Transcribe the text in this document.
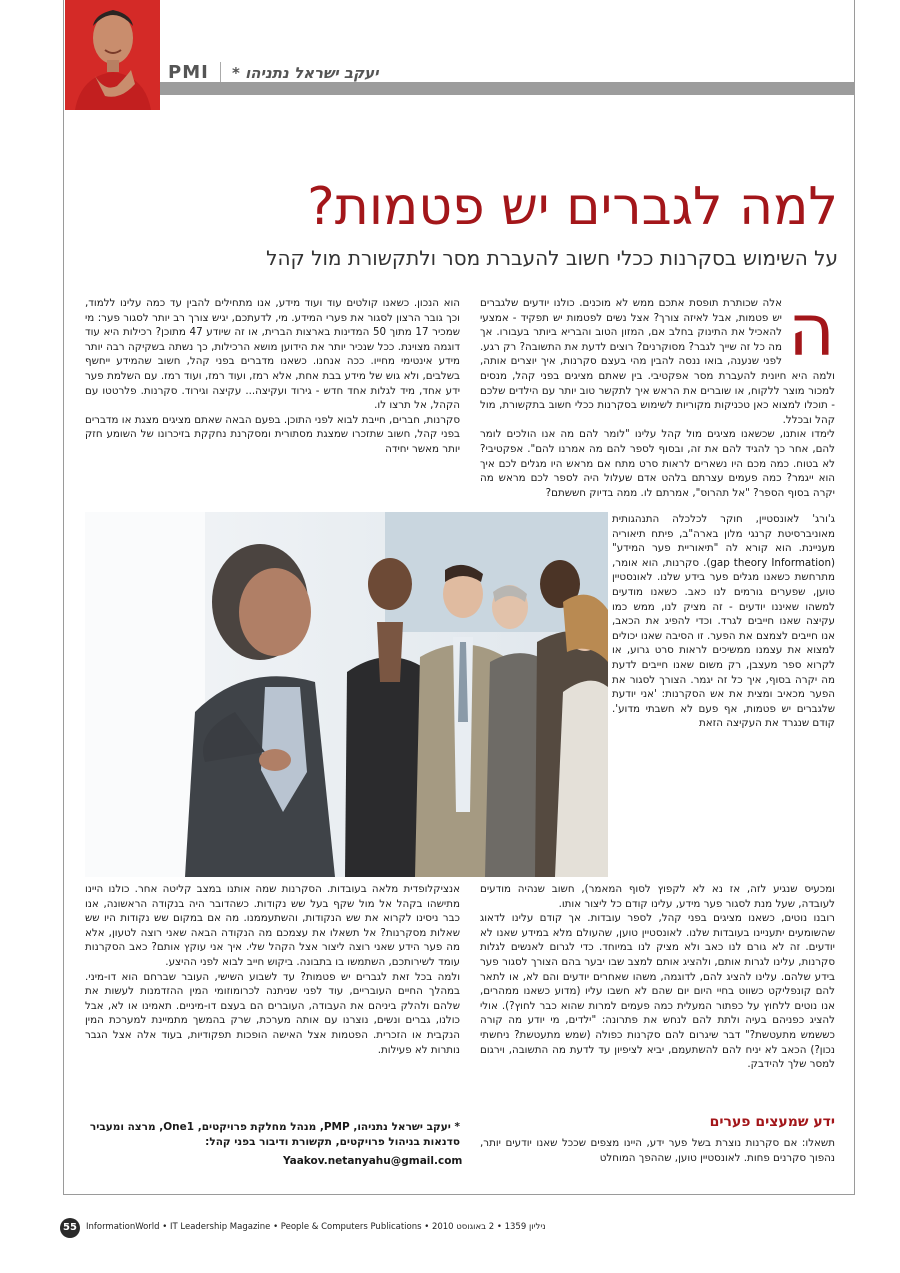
PMI	יעקב ישראל נתניהו *
למה לגברים יש פטמות?
על השימוש בסקרנות ככלי חשוב להעברת מסר ולתקשורת מול קהל
ה

אלה שכותרת תופסת אתכם ממש לא מוכנים. כולנו יודעים שלגברים יש פטמות, אבל לאיזה צורך? אצל נשים לפטמות יש תפקיד - אמצעי להאכיל את התינוק בחלב אם, המזון הטוב והבריא ביותר בעבורו. אך מה כל זה שייך לגבר? מסוקרנים? רוצים לדעת את התשובה? רק רגע. לפני שנענה, בואו ננסה להבין מהי בעצם סקרנות, איך יוצרים אותה, ולמה היא חיונית להעברת מסר אפקטיבי. בין שאתם מציגים בפני קהל, מנסים למכור מוצר ללקוח, או שוברים את הראש איך לתקשר טוב יותר עם הילדים שלכם - תוכלו למצוא כאן טכניקות מקוריות לשימוש בסקרנות ככלי חשוב בתקשורת, מול קהל ובכלל.

לימדו אותנו, שכשאנו מציגים מול קהל עלינו "לומר להם מה אנו הולכים לומר להם, אחר כך להגיד להם את זה, ובסוף לספר להם מה אמרנו להם". אפקטיבי? לא בטוח. כמה מכם היו נשארים לראות סרט מתח אם מראש היו מגלים לכם איך הוא ייגמר? כמה פעמים עצרתם בלהט אדם שעלול היה לספר לכם מראש מה יקרה בסוף הספר? "אל תהרוס", אמרתם לו. ממה בדיוק חששתם?

הוא הנכון. כשאנו קולטים עוד ועוד מידע, אנו מתחילים להבין עד כמה עלינו ללמוד, וכך גובר הרצון לסגור את פערי המידע. מי, לדעתכם, יגיש צורך רב יותר לסגור פער: מי שמכיר 17 מתוך 50 המדינות בארצות הברית, או זה שיודע 47 מתוכן? רכילות היא עוד דוגמה מצוינת. ככל שנכיר יותר את הידוען מושא הרכילות, כך נשתה בשקיקה רבה יותר מידע אינטימי מחייו. ככה אנחנו. כשאנו מדברים בפני קהל, חשוב שהמידע ייחשף בשלבים, ולא גוש של מידע בבת אחת, אלא רמז, ועוד רמז, ועוד רמז. עם השלמת פער ידע אחד, מיד לגלות אחד חדש - גירוד ועקיצה... עקיצה וגירוד. סקרנות. פלרטטו עם הקהל, אל תרצו לו.

סקרנות, חברים, חייבת לבוא לפני התוכן. בפעם הבאה שאתם מציגים מצגת או מדברים בפני קהל, חשוב שתזכרו שמצגת מסתורית ומסקרנת נחקקת בזיכרונו של השומע חזק יותר מאשר יחידה

ג'ורג' לאונסטיין, חוקר לכלכלה התנהגותית מאוניברסיטת קרנגי מלון בארה"ב, פיתח תיאוריה מעניינת. הוא קורא לה "תיאוריית פער המידע" (gap theory Information). סקרנות, הוא אומר, מתרחשת כשאנו מגלים פער בידע שלנו. לאונסטיין טוען, שפערים גורמים לנו כאב. כשאנו מודעים למשהו שאיננו יודעים - זה מציק לנו, ממש כמו עקיצה שאנו חייבים לגרד. וכדי להפיג את הכאב, אנו חייבים לצמצם את הפער. זו הסיבה שאנו יכולים למצוא את עצמנו ממשיכים לראות סרט גרוע, או לקרוא ספר מעצבן, רק משום שאנו חייבים לדעת מה יקרה בסוף, איך כל זה יגמר. הצורך לסגור את הפער מכאיב ומצית את אש הסקרנות: 'אני יודעת שלגברים יש פטמות, אף פעם לא חשבתי מדוע'. קודם שנגרד את העקיצה הזאת

ומכעיס שנגיע לזה, אז נא לא לקפוץ לסוף המאמר), חשוב שנהיה מודעים לעובדה, שעל מנת לסגור פער מידע, עלינו קודם כל ליצור אותו.

רובנו נוטים, כשאנו מציגים בפני קהל, לספר עובדות. אך קודם עלינו לדאוג שהשומעים יתעניינו בעובדות שלנו. לאונסטיין טוען, שהעולם מלא במידע שאנו לא יודעים. זה לא גורם לנו כאב ולא מציק לנו במיוחד. כדי לגרום לאנשים לגלות סקרנות, עלינו לגרות אותם, ולהציג אותם למצב שבו יבער בהם הצורך לסגור פער בידע שלהם. עלינו להציג להם, לדוגמה, משהו שאחרים יודעים והם לא, או לתאר להם קונפליקט כשווט בחיי היום יום שהם לא חשבו עליו (מדוע כשאנו ממהרים, אנו נוטים ללחוץ על כפתור המעלית כמה פעמים למרות שהוא כבר לחוץ?). אולי להציג כפניהם בעיה ולתת להם לנחש את פתרונה: "ילדים, מי יודע מה קורה כששמש מתעטשת?" דבר שיגרום להם סקרנות כפולה (שמש מתעטשת? ניחשתי נכון?) הכאב לא יניח להם להשתעמם, יביא לציפיון עד לדעת מה התשובה, וירגום למסר שלך להידבק.

ידע שמעצים פערים

תשאלו: אם סקרנות נוצרת בשל פער ידע, היינו מצפים שככל שאנו יודעים יותר, נהפוך סקרנים פחות. לאונסטיין טוען, שההפך המוחלט

אנציקלופדית מלאה בעובדות. הסקרנות שמה אותנו במצב קליטה אחר. כולנו היינו מתישהו בקהל אל מול שקף בעל שש נקודות. כשהדובר היה בנקודה הראשונה, אנו כבר ניסינו לקרוא את שש הנקודות, והשתעממנו. מה אם במקום שש נקודות היו שש שאלות מסקרנות? אל תשאלו את עצמכם מה הנקודה הבאה שאני רוצה לטעון, אלא מה פער הידע שאני רוצה ליצור אצל הקהל שלי. איך אני עוקץ אותם? כאב הסקרנות עומד לשירותכם, השתמשו בו בתבונה. ביקוש חייב לבוא לפני ההיצע.

ולמה בכל זאת לגברים יש פטמות? עד לשבוע השישי, העובר שברחם הוא דו-מיני. במהלך החיים העובריים, עוד לפני שניתנה לכרומוזומי המין ההזדמנות לעשות את שלהם ולהלק ביניהם את העבודה, העוברים הם בעצם דו-מיניים. תאמינו או לא, אבל כולנו, גברים ונשים, נוצרנו עם אותה מערכת, שרק בהמשך מתמיינת למערכת המין הנקבית או הזכרית. הפטמות אצל האישה הופכות תפקודיות, בעוד אלה אצל הגבר נותרות לא פעילות.

* יעקב ישראל נתניהו, PMP, מנהל מחלקת פרויקטים, One1, מרצה ומעביר סדנאות בניהול פרויקטים, תקשורת ודיבור בפני קהל:
Yaakov.netanyahu@gmail.com
55	InformationWorld • IT Leadership Magazine • People & Computers Publications • 2010 ניליון 1359 • 2 באוגוסט
